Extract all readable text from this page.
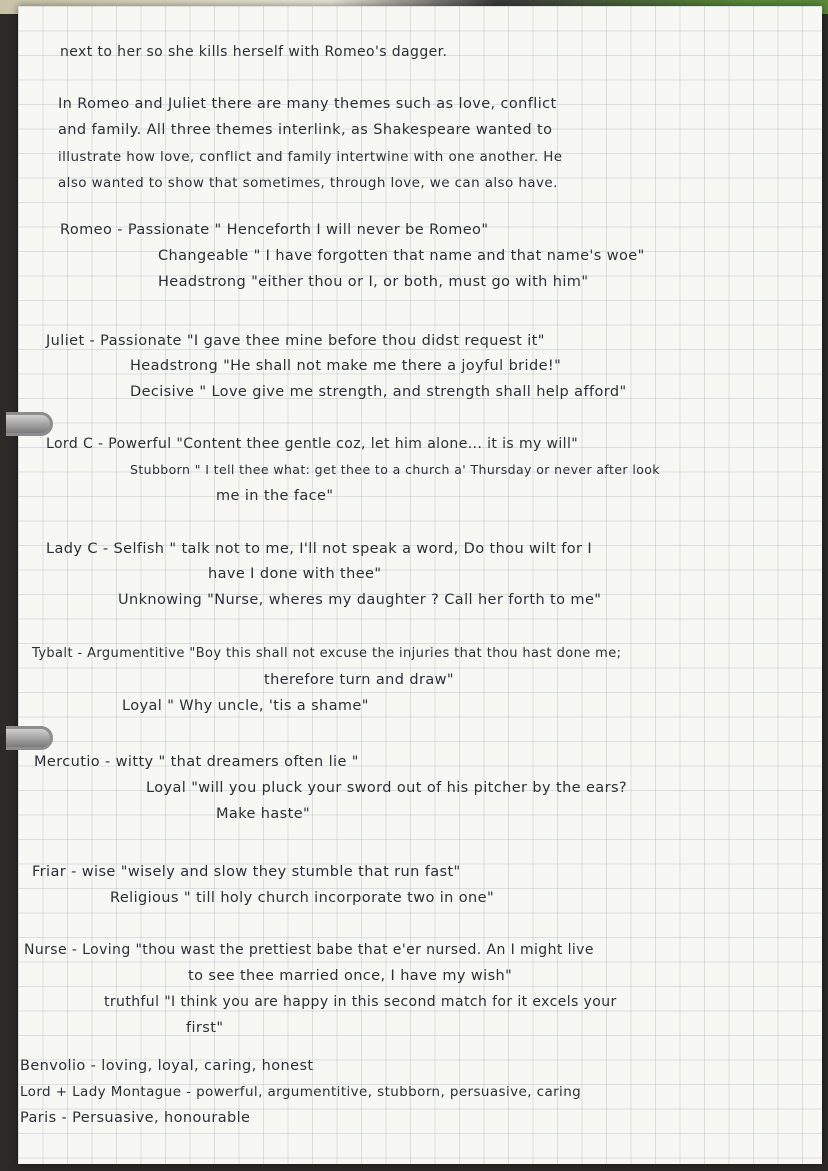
next to her so she kills herself with Romeo's dagger.
In Romeo and Juliet there are many themes such as love, conflict
and family. All three themes interlink, as Shakespeare wanted to
illustrate how love, conflict and family intertwine with one another. He
also wanted to show that sometimes, through love, we can also have.
Romeo - Passionate " Henceforth I will never be Romeo"
Changeable " I have forgotten that name and that name's woe"
Headstrong "either thou or I, or both, must go with him"
Juliet - Passionate "I gave thee mine before thou didst request it"
Headstrong "He shall not make me there a joyful bride!"
Decisive " Love give me strength, and strength shall help afford"
Lord C - Powerful "Content thee gentle coz, let him alone... it is my will"
Stubborn " I tell thee what: get thee to a church a' Thursday or never after look
me in the face"
Lady C - Selfish " talk not to me, I'll not speak a word, Do thou wilt for I
have I done with thee"
Unknowing "Nurse, wheres my daughter ? Call her forth to me"
Tybalt - Argumentitive "Boy this shall not excuse the injuries that thou hast done me;
therefore turn and draw"
Loyal " Why uncle, 'tis a shame"
Mercutio - witty " that dreamers often lie "
Loyal "will you pluck your sword out of his pitcher by the ears?
Make haste"
Friar - wise "wisely and slow they stumble that run fast"
Religious " till holy church incorporate two in one"
Nurse - Loving "thou wast the prettiest babe that e'er nursed. An I might live
to see thee married once, I have my wish"
truthful "I think you are happy in this second match for it excels your
first"
Benvolio - loving, loyal, caring, honest
Lord + Lady Montague - powerful, argumentitive, stubborn, persuasive, caring
Paris - Persuasive, honourable
